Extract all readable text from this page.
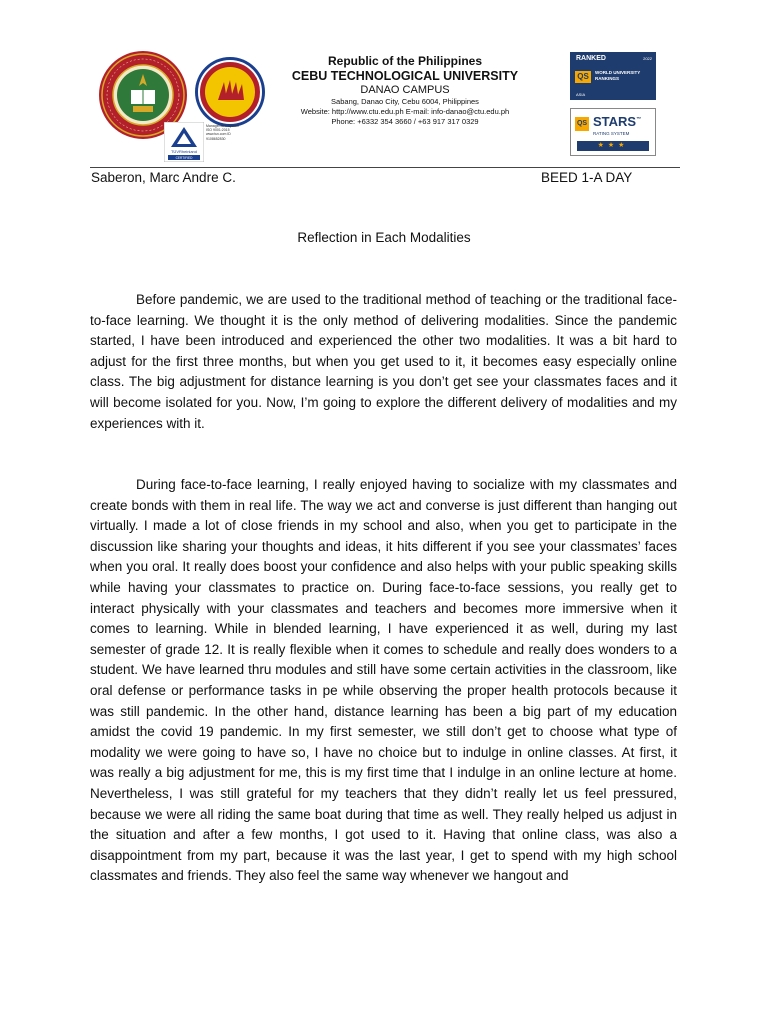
TÜVRheinland
CERTIFIED
Management System ISO 9001:2015 www.tuv.com ID 9108652830
Republic of the Philippines
CEBU TECHNOLOGICAL UNIVERSITY
DANAO CAMPUS
Sabang, Danao City, Cebu 6004, Philippines
Website: http://www.ctu.edu.ph E-mail: info-danao@ctu.edu.ph
Phone: +6332 354 3660 / +63 917 317 0329
RANKED	2022
QS	WORLD UNIVERSITY RANKINGS
ASIA
QS STARS™
RATING SYSTEM
★★★
Saberon, Marc Andre C.	BEED 1-A DAY
Reflection in Each Modalities

Before pandemic, we are used to the traditional method of teaching or the traditional face-to-face learning. We thought it is the only method of delivering modalities. Since the pandemic started, I have been introduced and experienced the other two modalities. It was a bit hard to adjust for the first three months, but when you get used to it, it becomes easy especially online class. The big adjustment for distance learning is you don’t get see your classmates faces and it will become isolated for you. Now, I’m going to explore the different delivery of modalities and my experiences with it.

During face-to-face learning, I really enjoyed having to socialize with my classmates and create bonds with them in real life. The way we act and converse is just different than hanging out virtually. I made a lot of close friends in my school and also, when you get to participate in the discussion like sharing your thoughts and ideas, it hits different if you see your classmates’ faces when you oral. It really does boost your confidence and also helps with your public speaking skills while having your classmates to practice on. During face-to-face sessions, you really get to interact physically with your classmates and teachers and becomes more immersive when it comes to learning. While in blended learning, I have experienced it as well, during my last semester of grade 12. It is really flexible when it comes to schedule and really does wonders to a student. We have learned thru modules and still have some certain activities in the classroom, like oral defense or performance tasks in pe while observing the proper health protocols because it was still pandemic. In the other hand, distance learning has been a big part of my education amidst the covid 19 pandemic. In my first semester, we still don’t get to choose what type of modality we were going to have so, I have no choice but to indulge in online classes. At first, it was really a big adjustment for me, this is my first time that I indulge in an online lecture at home. Nevertheless, I was still grateful for my teachers that they didn’t really let us feel pressured, because we were all riding the same boat during that time as well. They really helped us adjust in the situation and after a few months, I got used to it. Having that online class, was also a disappointment from my part, because it was the last year, I get to spend with my high school classmates and friends. They also feel the same way whenever we hangout and
